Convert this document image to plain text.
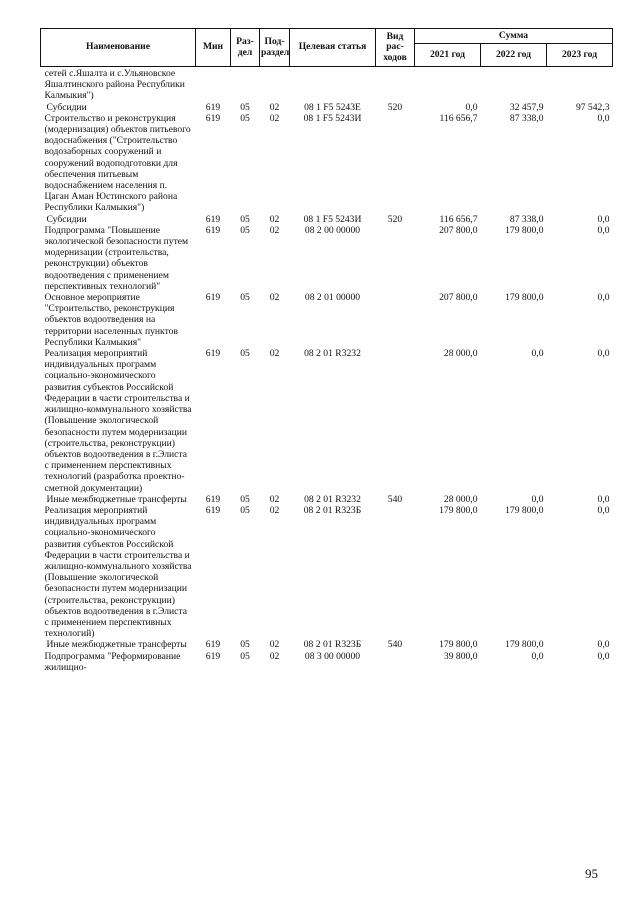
Наименование	Мин	Раз-дел	Под-раздел	Целевая статья	Вид рас-ходов	Сумма		
						2021 год	2022 год	2023 год
сетей с.Яшалта и с.Ульяновское Яшалтинского района Республики Калмыкия")								
Субсидии	619	05	02	08 1 F5 5243Е	520	0,0	32 457,9	97 542,3
Строительство и реконструкция (модернизация) объектов питьевого водоснабжения ("Строительство водозаборных сооружений и сооружений водоподготовки для обеспечения питьевым водоснабжением населения п. Цаган Аман Юстинского района Республики Калмыкия")	619	05	02	08 1 F5 5243И		116 656,7	87 338,0	0,0
Субсидии	619	05	02	08 1 F5 5243И	520	116 656,7	87 338,0	0,0
Подпрограмма "Повышение экологической безопасности путем модернизации (строительства, реконструкции) объектов водоотведения с применением перспективных технологий"	619	05	02	08 2 00 00000		207 800,0	179 800,0	0,0
Основное мероприятие "Строительство, реконструкция объектов водоотведения на территории населенных пунктов Республики Калмыкия"	619	05	02	08 2 01 00000		207 800,0	179 800,0	0,0
Реализация мероприятий индивидуальных программ социально-экономического развития субъектов Российской Федерации в части строительства и жилищно-коммунального хозяйства (Повышение экологической безопасности путем модернизации (строительства, реконструкции) объектов водоотведения в г.Элиста с применением перспективных технологий (разработка проектно-сметной документации)	619	05	02	08 2 01 R3232		28 000,0	0,0	0,0
Иные межбюджетные трансферты	619	05	02	08 2 01 R3232	540	28 000,0	0,0	0,0
Реализация мероприятий индивидуальных программ социально-экономического развития субъектов Российской Федерации в части строительства и жилищно-коммунального хозяйства (Повышение экологической безопасности путем модернизации (строительства, реконструкции) объектов водоотведения в г.Элиста с применением перспективных технологий)	619	05	02	08 2 01 R323Б		179 800,0	179 800,0	0,0
Иные межбюджетные трансферты	619	05	02	08 2 01 R323Б	540	179 800,0	179 800,0	0,0
Подпрограмма "Реформирование жилищно-	619	05	02	08 3 00 00000		39 800,0	0,0	0,0
95
